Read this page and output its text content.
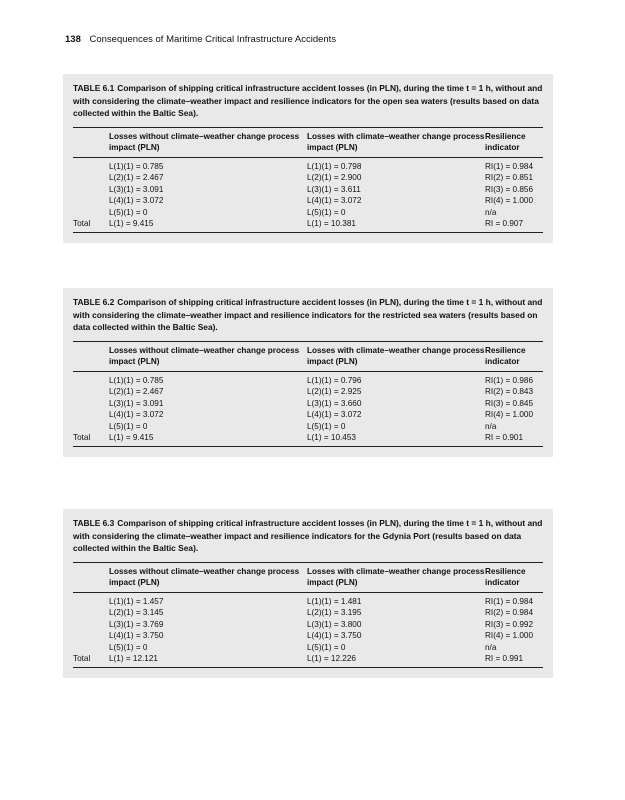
138 Consequences of Maritime Critical Infrastructure Accidents

TABLE 6.1 Comparison of shipping critical infrastructure accident losses (in PLN), during the time t = 1 h, without and with considering the climate–weather impact and resilience indicators for the open sea waters (results based on data collected within the Baltic Sea).

	Losses without climate–weather change process impact (PLN)	Losses with climate–weather change process impact (PLN)	Resilience indicator
	L(1)(1) = 0.785	L(1)(1) = 0.798	RI(1) = 0.984
	L(2)(1) = 2.467	L(2)(1) = 2.900	RI(2) = 0.851
	L(3)(1) = 3.091	L(3)(1) = 3.611	RI(3) = 0.856
	L(4)(1) = 3.072	L(4)(1) = 3.072	RI(4) = 1.000
	L(5)(1) = 0	L(5)(1) = 0	n/a
Total	L(1) = 9.415	L(1) = 10.381	RI = 0.907

TABLE 6.2 Comparison of shipping critical infrastructure accident losses (in PLN), during the time t = 1 h, without and with considering the climate–weather impact and resilience indicators for the restricted sea waters (results based on data collected within the Baltic Sea).

	Losses without climate–weather change process impact (PLN)	Losses with climate–weather change process impact (PLN)	Resilience indicator
	L(1)(1) = 0.785	L(1)(1) = 0.796	RI(1) = 0.986
	L(2)(1) = 2.467	L(2)(1) = 2.925	RI(2) = 0.843
	L(3)(1) = 3.091	L(3)(1) = 3.660	RI(3) = 0.845
	L(4)(1) = 3.072	L(4)(1) = 3.072	RI(4) = 1.000
	L(5)(1) = 0	L(5)(1) = 0	n/a
Total	L(1) = 9.415	L(1) = 10.453	RI = 0.901

TABLE 6.3 Comparison of shipping critical infrastructure accident losses (in PLN), during the time t = 1 h, without and with considering the climate–weather impact and resilience indicators for the Gdynia Port (results based on data collected within the Baltic Sea).

	Losses without climate–weather change process impact (PLN)	Losses with climate–weather change process impact (PLN)	Resilience indicator
	L(1)(1) = 1.457	L(1)(1) = 1.481	RI(1) = 0.984
	L(2)(1) = 3.145	L(2)(1) = 3.195	RI(2) = 0.984
	L(3)(1) = 3.769	L(3)(1) = 3.800	RI(3) = 0.992
	L(4)(1) = 3.750	L(4)(1) = 3.750	RI(4) = 1.000
	L(5)(1) = 0	L(5)(1) = 0	n/a
Total	L(1) = 12.121	L(1) = 12.226	RI = 0.991
